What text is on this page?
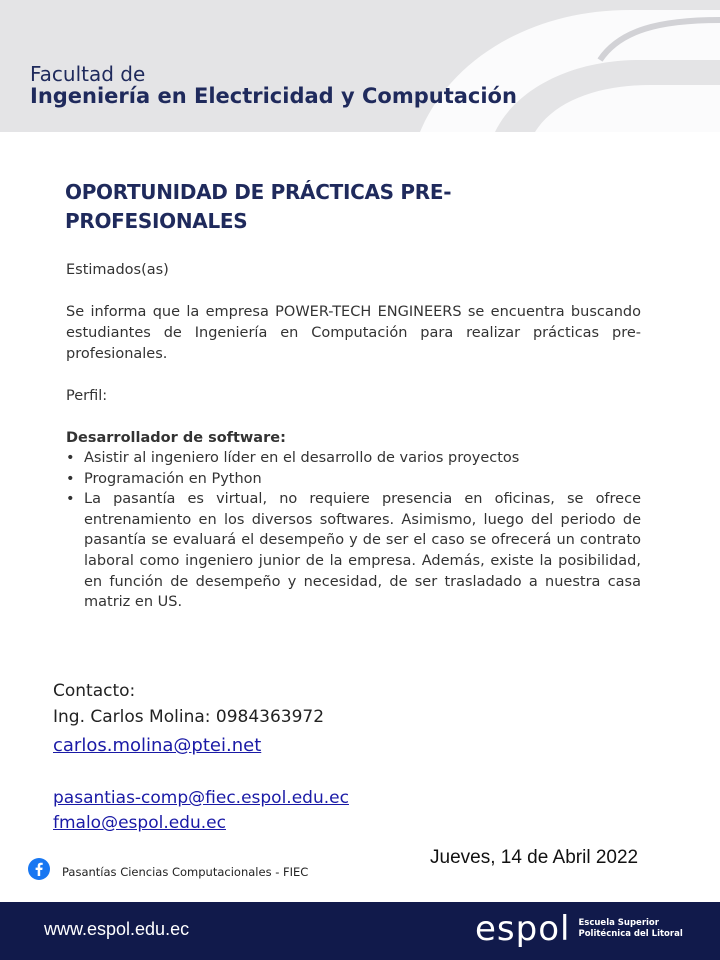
Facultad de
Ingeniería en Electricidad y Computación
OPORTUNIDAD DE PRÁCTICAS PRE-PROFESIONALES
Estimados(as)
Se informa que la empresa POWER-TECH ENGINEERS se encuentra buscando estudiantes de Ingeniería en Computación para realizar prácticas pre-profesionales.
Perfil:
Desarrollador de software:
• Asistir al ingeniero líder en el desarrollo de varios proyectos
• Programación en Python
• La pasantía es virtual, no requiere presencia en oficinas, se ofrece entrenamiento en los diversos softwares. Asimismo, luego del periodo de pasantía se evaluará el desempeño y de ser el caso se ofrecerá un contrato laboral como ingeniero junior de la empresa. Además, existe la posibilidad, en función de desempeño y necesidad, de ser trasladado a nuestra casa matriz en US.
Contacto:
Ing. Carlos Molina: 0984363972
carlos.molina@ptei.net
pasantias-comp@fiec.espol.edu.ec
fmalo@espol.edu.ec
Pasantías Ciencias Computacionales - FIEC
Jueves, 14 de Abril 2022
www.espol.edu.ec	espol Escuela Superior
Politécnica del Litoral
